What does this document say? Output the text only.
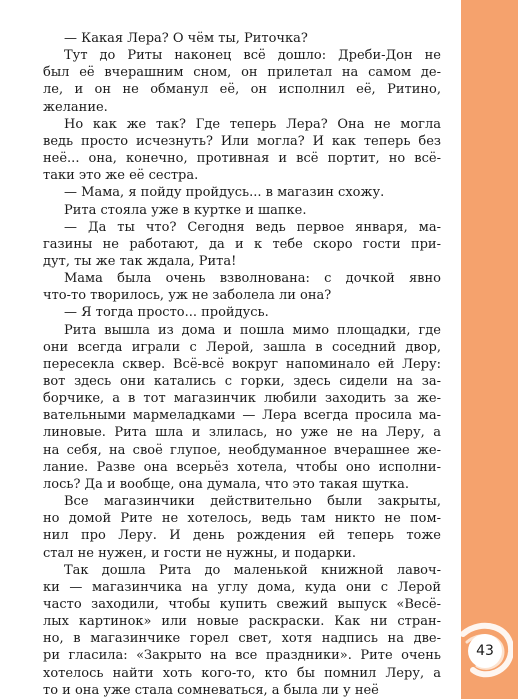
— Какая Лера? О чём ты, Риточка?
Тут до Риты наконец всё дошло: Дреби-Дон не
был её вчерашним сном, он прилетал на самом де-
ле, и он не обманул её, он исполнил её, Ритино,
желание.
Но как же так? Где теперь Лера? Она не могла
ведь просто исчезнуть? Или могла? И как теперь без
неё... она, конечно, противная и всё портит, но всё-
таки это же её сестра.
— Мама, я пойду пройдусь... в магазин схожу.
Рита стояла уже в куртке и шапке.
— Да ты что? Сегодня ведь первое января, ма-
газины не работают, да и к тебе скоро гости при-
дут, ты же так ждала, Рита!
Мама была очень взволнована: с дочкой явно
что-то творилось, уж не заболела ли она?
— Я тогда просто... пройдусь.
Рита вышла из дома и пошла мимо площадки, где
они всегда играли с Лерой, зашла в соседний двор,
пересекла сквер. Всё-всё вокруг напоминало ей Леру:
вот здесь они катались с горки, здесь сидели на за-
борчике, а в тот магазинчик любили заходить за же-
вательными мармеладками — Лера всегда просила ма-
линовые. Рита шла и злилась, но уже не на Леру, а
на себя, на своё глупое, необдуманное вчерашнее же-
лание. Разве она всерьёз хотела, чтобы оно исполни-
лось? Да и вообще, она думала, что это такая шутка.
Все магазинчики действительно были закрыты,
но домой Рите не хотелось, ведь там никто не пом-
нил про Леру. И день рождения ей теперь тоже
стал не нужен, и гости не нужны, и подарки.
Так дошла Рита до маленькой книжной лавоч-
ки — магазинчика на углу дома, куда они с Лерой
часто заходили, чтобы купить свежий выпуск «Весё-
лых картинок» или новые раскраски. Как ни стран-
но, в магазинчике горел свет, хотя надпись на две-
ри гласила: «Закрыто на все праздники». Рите очень
хотелось найти хоть кого-то, кто бы помнил Леру, а
то и она уже стала сомневаться, а была ли у неё
43
